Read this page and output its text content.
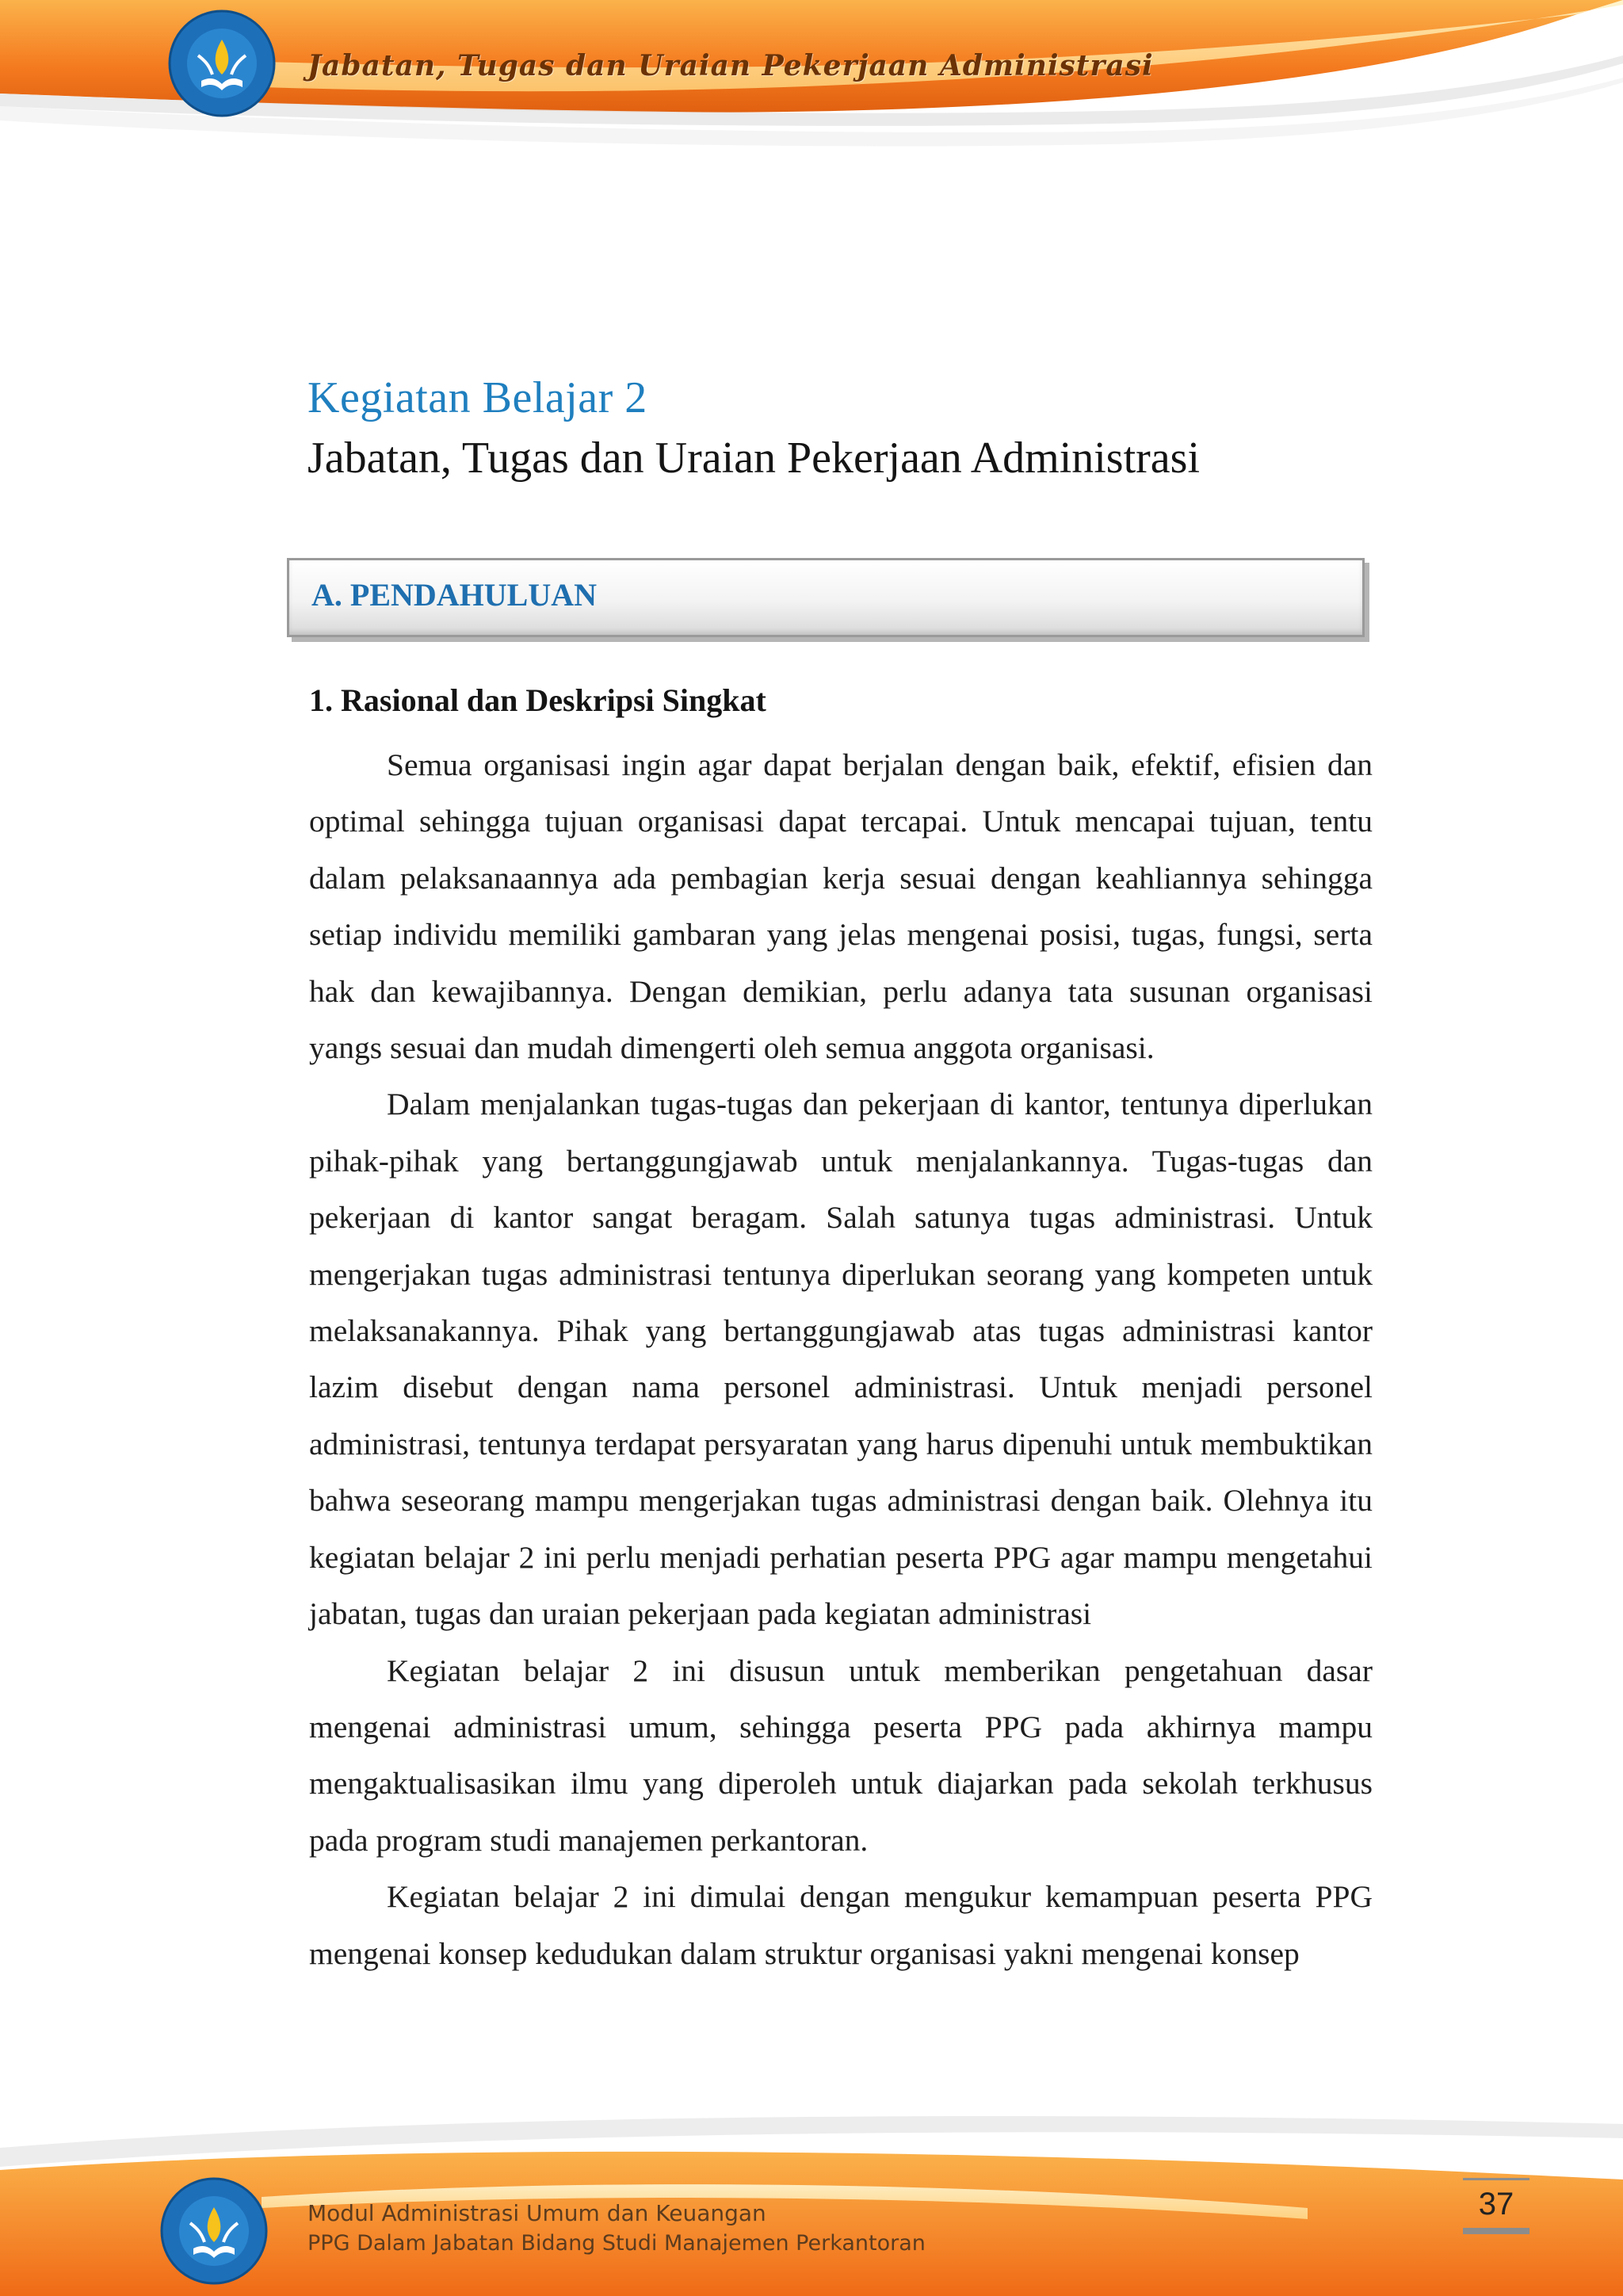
Jabatan, Tugas dan Uraian Pekerjaan Administrasi
Kegiatan Belajar 2
Jabatan, Tugas dan Uraian Pekerjaan Administrasi
A. PENDAHULUAN
1. Rasional dan Deskripsi Singkat

Semua organisasi ingin agar dapat berjalan dengan baik, efektif, efisien dan optimal sehingga tujuan organisasi dapat tercapai. Untuk mencapai tujuan, tentu dalam pelaksanaannya ada pembagian kerja sesuai dengan keahliannya sehingga setiap individu memiliki gambaran yang jelas mengenai posisi, tugas, fungsi, serta hak dan kewajibannya. Dengan demikian, perlu adanya tata susunan organisasi yangs sesuai dan mudah dimengerti oleh semua anggota organisasi.

Dalam menjalankan tugas-tugas dan pekerjaan di kantor, tentunya diperlukan pihak-pihak yang bertanggungjawab untuk menjalankannya. Tugas-tugas dan pekerjaan di kantor sangat beragam. Salah satunya tugas administrasi. Untuk mengerjakan tugas administrasi tentunya diperlukan seorang yang kompeten untuk melaksanakannya. Pihak yang bertanggungjawab atas tugas administrasi kantor lazim disebut dengan nama personel administrasi. Untuk menjadi personel administrasi, tentunya terdapat persyaratan yang harus dipenuhi untuk membuktikan bahwa seseorang mampu mengerjakan tugas administrasi dengan baik. Olehnya itu kegiatan belajar 2 ini perlu menjadi perhatian peserta PPG agar mampu mengetahui jabatan, tugas dan uraian pekerjaan pada kegiatan administrasi

Kegiatan belajar 2 ini disusun untuk memberikan pengetahuan dasar mengenai administrasi umum, sehingga peserta PPG pada akhirnya mampu mengaktualisasikan ilmu yang diperoleh untuk diajarkan pada sekolah terkhusus pada program studi manajemen perkantoran.

Kegiatan belajar 2 ini dimulai dengan mengukur kemampuan peserta PPG mengenai konsep kedudukan dalam struktur organisasi yakni mengenai konsep

Modul Administrasi Umum dan Keuangan
PPG Dalam Jabatan Bidang Studi Manajemen Perkantoran
37
